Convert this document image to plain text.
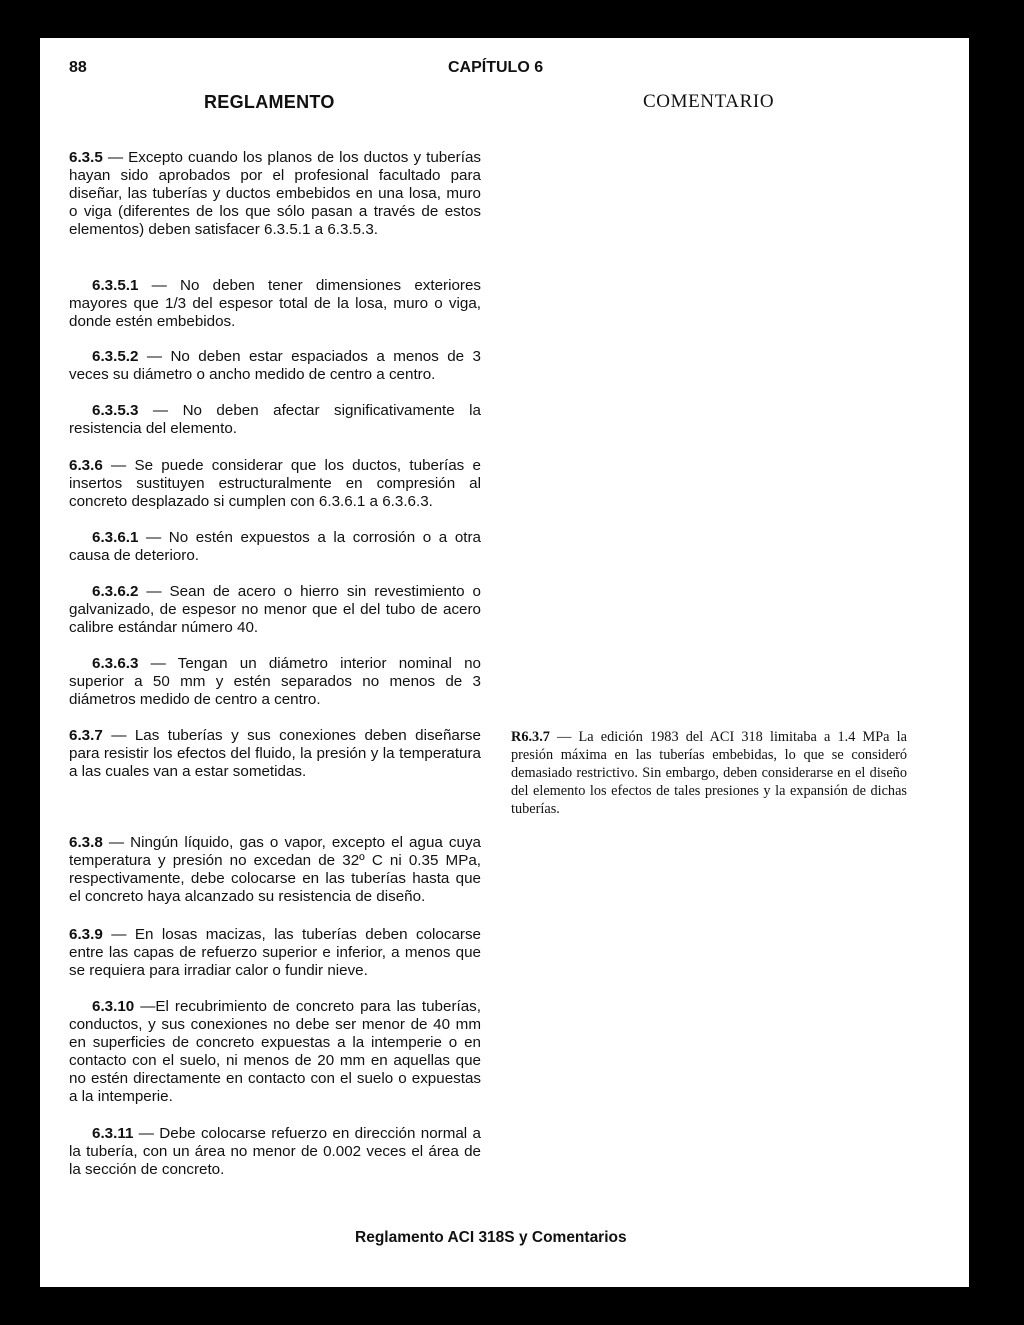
88	CAPÍTULO 6
REGLAMENTO	COMENTARIO

6.3.5 — Excepto cuando los planos de los ductos y tuberías hayan sido aprobados por el profesional facultado para diseñar, las tuberías y ductos embebidos en una losa, muro o viga (diferentes de los que sólo pasan a través de estos elementos) deben satisfacer 6.3.5.1 a 6.3.5.3.

6.3.5.1 — No deben tener dimensiones exteriores mayores que 1/3 del espesor total de la losa, muro o viga, donde estén embebidos.

6.3.5.2 — No deben estar espaciados a menos de 3 veces su diámetro o ancho medido de centro a centro.

6.3.5.3 — No deben afectar significativamente la resistencia del elemento.

6.3.6 — Se puede considerar que los ductos, tuberías e insertos sustituyen estructuralmente en compresión al concreto desplazado si cumplen con 6.3.6.1 a 6.3.6.3.

6.3.6.1 — No estén expuestos a la corrosión o a otra causa de deterioro.

6.3.6.2 — Sean de acero o hierro sin revestimiento o galvanizado, de espesor no menor que el del tubo de acero calibre estándar número 40.

6.3.6.3 — Tengan un diámetro interior nominal no superior a 50 mm y estén separados no menos de 3 diámetros medido de centro a centro.

6.3.7 — Las tuberías y sus conexiones deben diseñarse para resistir los efectos del fluido, la presión y la temperatura a las cuales van a estar sometidas.

6.3.8 — Ningún líquido, gas o vapor, excepto el agua cuya temperatura y presión no excedan de 32º C ni 0.35 MPa, respectivamente, debe colocarse en las tuberías hasta que el concreto haya alcanzado su resistencia de diseño.

6.3.9 — En losas macizas, las tuberías deben colocarse entre las capas de refuerzo superior e inferior, a menos que se requiera para irradiar calor o fundir nieve.

6.3.10 —El recubrimiento de concreto para las tuberías, conductos, y sus conexiones no debe ser menor de 40 mm en superficies de concreto expuestas a la intemperie o en contacto con el suelo, ni menos de 20 mm en aquellas que no estén directamente en contacto con el suelo o expuestas a la intemperie.

6.3.11 — Debe colocarse refuerzo en dirección normal a la tubería, con un área no menor de 0.002 veces el área de la sección de concreto.

R6.3.7 — La edición 1983 del ACI 318 limitaba a 1.4 MPa la presión máxima en las tuberías embebidas, lo que se consideró demasiado restrictivo. Sin embargo, deben considerarse en el diseño del elemento los efectos de tales presiones y la expansión de dichas tuberías.

Reglamento ACI 318S y Comentarios
